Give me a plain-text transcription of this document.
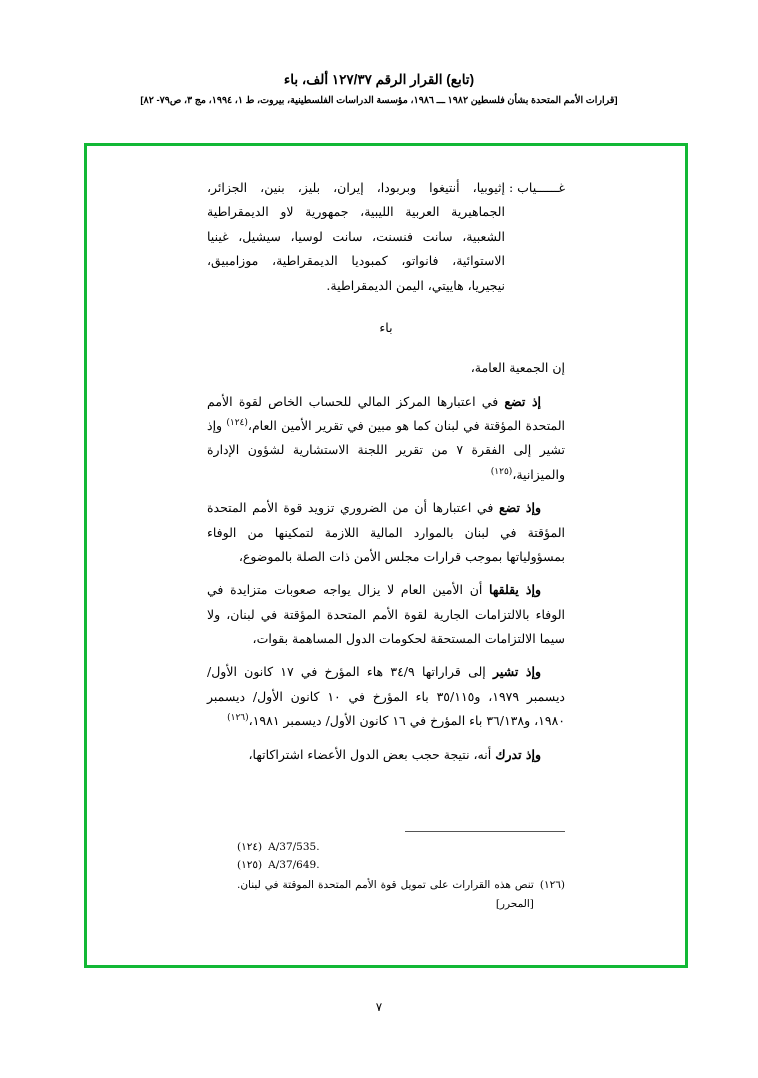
(تابع) القرار الرقم ١٢٧/٣٧ ألف، باء
[قرارات الأمم المتحدة بشأن فلسطين ١٩٨٢ ـــ ١٩٨٦، مؤسسة الدراسات الفلسطينية، بيروت، ط ١، ١٩٩٤، مج ٣، ص٧٩- ٨٢]
غــــــياب :
إثيوبيا، أنتيغوا وبربودا، إيران، بليز، بنين، الجزائر، الجماهيرية العربية الليبية، جمهورية لاو الديمقراطية الشعبية، سانت فنسنت، سانت لوسيا، سيشيل، غينيا الاستوائية، فانواتو، كمبوديا الديمقراطية، موزامبيق، نيجيريا، هاييتي، اليمن الديمقراطية.
باء
إن الجمعية العامة،
إذ تضع في اعتبارها المركز المالي للحساب الخاص لقوة الأمم المتحدة المؤقتة في لبنان كما هو مبين في تقرير الأمين العام،$^{(١٢٤)}$ وإذ تشير إلى الفقرة ٧ من تقرير اللجنة الاستشارية لشؤون الإدارة والميزانية،$^{(١٢٥)}$
وإذ تضع في اعتبارها أن من الضروري تزويد قوة الأمم المتحدة المؤقتة في لبنان بالموارد المالية اللازمة لتمكينها من الوفاء بمسؤولياتها بموجب قرارات مجلس الأمن ذات الصلة بالموضوع،
وإذ يقلقها أن الأمين العام لا يزال يواجه صعوبات متزايدة في الوفاء بالالتزامات الجارية لقوة الأمم المتحدة المؤقتة في لبنان، ولا سيما الالتزامات المستحقة لحكومات الدول المساهمة بقوات،
وإذ تشير إلى قراراتها ٣٤/٩ هاء المؤرخ في ١٧ كانون الأول/ ديسمبر ١٩٧٩، و٣٥/١١٥ باء المؤرخ في ١٠ كانون الأول/ ديسمبر ١٩٨٠، و٣٦/١٣٨ باء المؤرخ في ١٦ كانون الأول/ ديسمبر ١٩٨١،$^{(١٢٦)}$
وإذ تدرك أنه، نتيجة حجب بعض الدول الأعضاء اشتراكاتها،
A/37/535.
(١٢٤)
A/37/649.
(١٢٥)
(١٢٦)
تنص هذه القرارات على تمويل قوة الأمم المتحدة الموقتة في لبنان.[المحرر]
٧
